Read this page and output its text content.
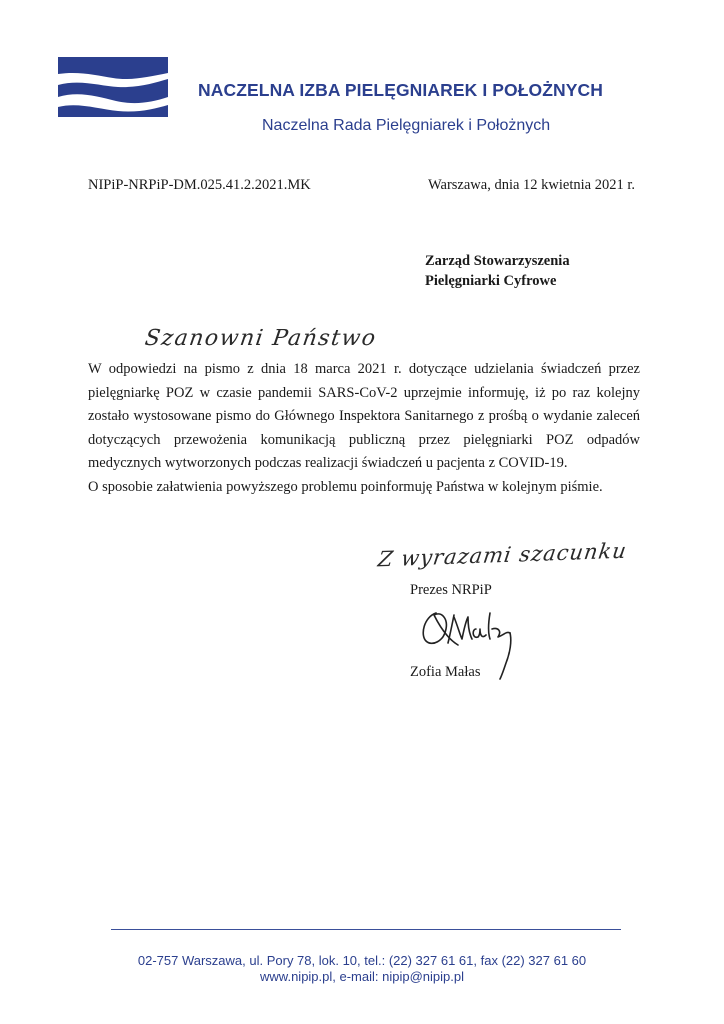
NACZELNA IZBA PIELĘGNIAREK I POŁOŻNYCH
Naczelna Rada Pielęgniarek i Położnych
NIPiP-NRPiP-DM.025.41.2.2021.MK	Warszawa, dnia 12 kwietnia 2021 r.
Zarząd Stowarzyszenia
Pielęgniarki Cyfrowe
Szanowni Państwo

W odpowiedzi na pismo z dnia 18 marca 2021 r. dotyczące udzielania świadczeń przez pielęgniarkę POZ w czasie pandemii SARS-CoV-2 uprzejmie informuję, iż po raz kolejny zostało wystosowane pismo do Głównego Inspektora Sanitarnego z prośbą o wydanie zaleceń dotyczących przewożenia komunikacją publiczną przez pielęgniarki POZ odpadów medycznych wytworzonych podczas realizacji świadczeń u pacjenta z COVID-19.

O sposobie załatwienia powyższego problemu poinformuję Państwa w kolejnym piśmie.

Z wyrazami szacunku
Prezes NRPiP
Zofia Małas
02-757 Warszawa, ul. Pory 78, lok. 10, tel.: (22) 327 61 61, fax (22) 327 61 60
www.nipip.pl, e-mail: nipip@nipip.pl
